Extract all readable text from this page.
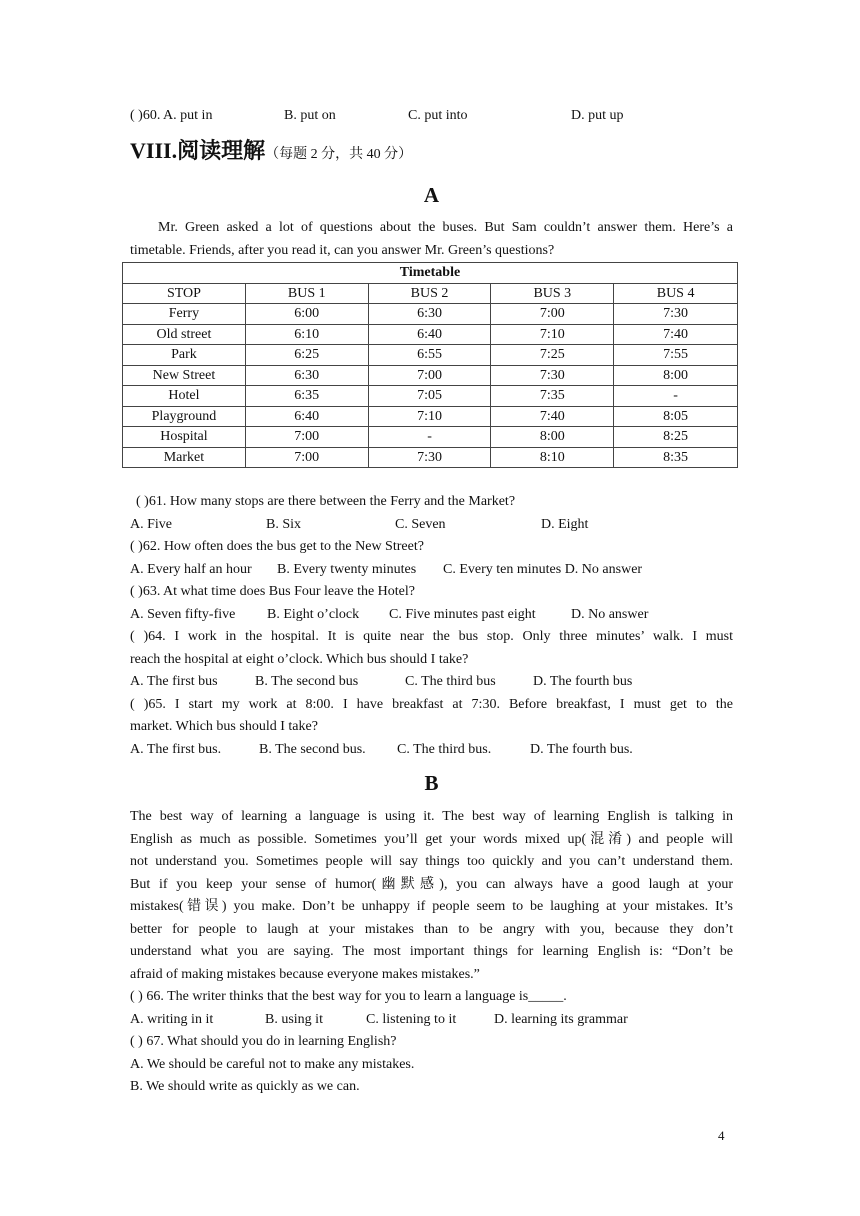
( )60. A. put in	B. put on	C. put into	D. put up
VIII.阅读理解（每题 2 分，共 40 分）
A
Mr. Green asked a lot of questions about the buses. But Sam couldn’t answer them. Here’s a
timetable. Friends, after you read it, can you answer Mr. Green’s questions?
( )61. How many stops are there between the Ferry and the Market?
A. Five	B. Six	C. Seven	D. Eight
( )62. How often does the bus get to the New Street?
A. Every half an hour	B. Every twenty minutes	C. Every ten minutes D. No answer
( )63. At what time does Bus Four leave the Hotel?
A. Seven fifty-five	B. Eight o’clock	C. Five minutes past eight	D. No answer
( )64. I work in the hospital. It is quite near the bus stop. Only three minutes’ walk. I must
reach the hospital at eight o’clock. Which bus should I take?
A. The first bus	B. The second bus	C. The third bus	D. The fourth bus
( )65. I start my work at 8:00. I have breakfast at 7:30. Before breakfast, I must get to the
market. Which bus should I take?
A. The first bus.	B. The second bus.	C. The third bus.	D. The fourth bus.
B
The best way of learning a language is using it. The best way of learning English is talking in
English as much as possible. Sometimes you’ll get your words mixed up(混淆) and people will
not understand you. Sometimes people will say things too quickly and you can’t understand them.
But if you keep your sense of humor(幽默感), you can always have a good laugh at your
mistakes(错误) you make. Don’t be unhappy if people seem to be laughing at your mistakes. It’s
better for people to laugh at your mistakes than to be angry with you, because they don’t
understand what you are saying. The most important things for learning English is: “Don’t be
afraid of making mistakes because everyone makes mistakes.”
( ) 66. The writer thinks that the best way for you to learn a language is_____.
A. writing in it	B. using it	C. listening to it	D. learning its grammar
( ) 67. What should you do in learning English?
A. We should be careful not to make any mistakes.
B. We should write as quickly as we can.
Timetable				
STOP	BUS 1	BUS 2	BUS 3	BUS 4
Ferry	6:00	6:30	7:00	7:30
Old street	6:10	6:40	7:10	7:40
Park	6:25	6:55	7:25	7:55
New Street	6:30	7:00	7:30	8:00
Hotel	6:35	7:05	7:35	-
Playground	6:40	7:10	7:40	8:05
Hospital	7:00	-	8:00	8:25
Market	7:00	7:30	8:10	8:35
4
